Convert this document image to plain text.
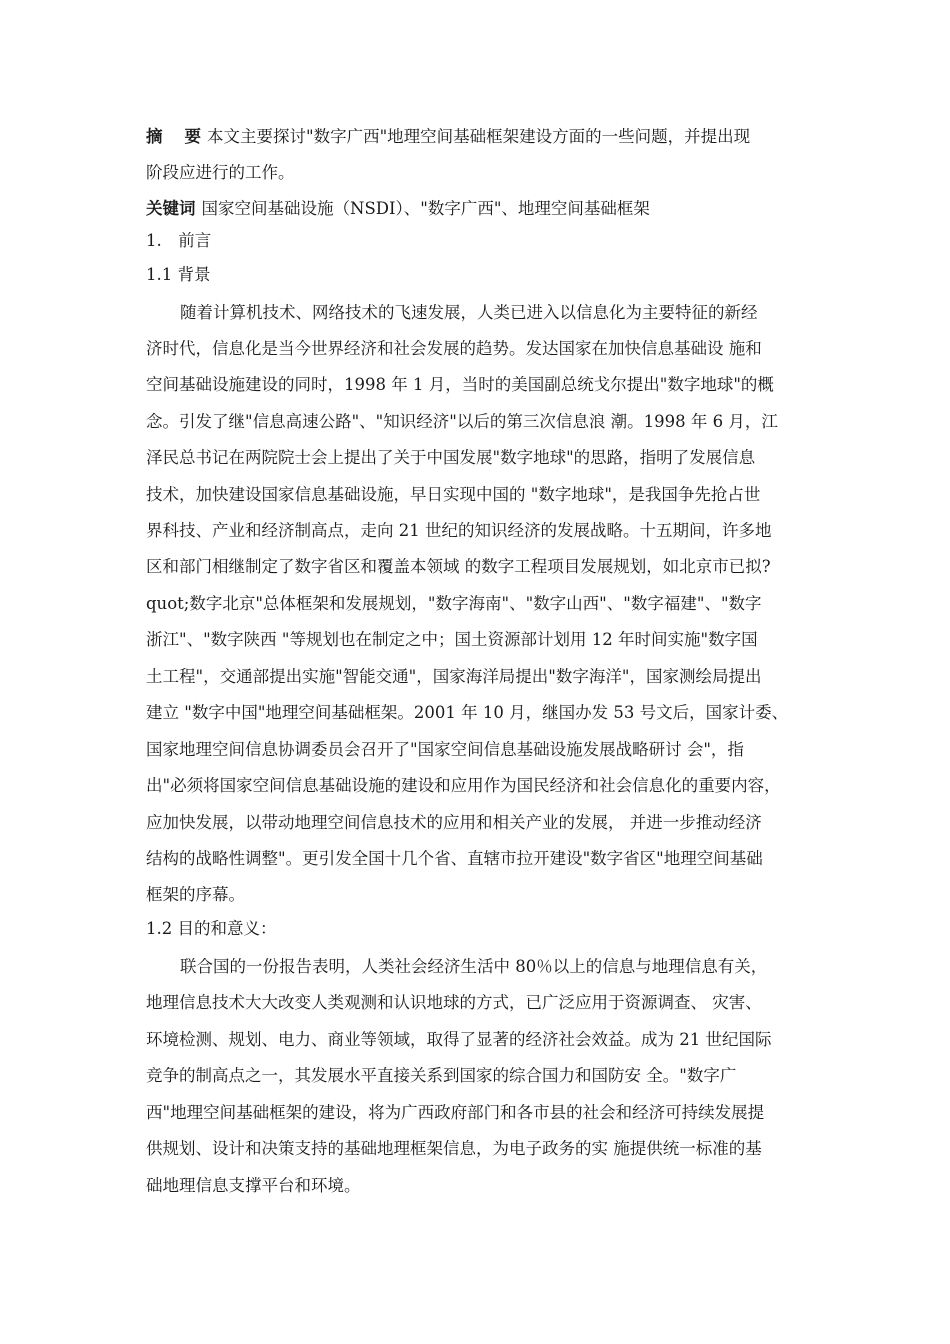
摘 要 本文主要探讨"数字广西"地理空间基础框架建设方面的一些问题，并提出现
阶段应进行的工作。
关键词 国家空间基础设施（NSDI）、"数字广西"、地理空间基础框架
1.　前言
1.1 背景
随着计算机技术、网络技术的飞速发展，人类已进入以信息化为主要特征的新经
济时代，信息化是当今世界经济和社会发展的趋势。发达国家在加快信息基础设 施和
空间基础设施建设的同时，1998 年 1 月，当时的美国副总统戈尔提出"数字地球"的概
念。引发了继"信息高速公路"、"知识经济"以后的第三次信息浪 潮。1998 年 6 月，江
泽民总书记在两院院士会上提出了关于中国发展"数字地球"的思路，指明了发展信息
技术，加快建设国家信息基础设施，早日实现中国的 "数字地球"，是我国争先抢占世
界科技、产业和经济制高点，走向 21 世纪的知识经济的发展战略。十五期间，许多地
区和部门相继制定了数字省区和覆盖本领域 的数字工程项目发展规划，如北京市已拟?
quot;数字北京"总体框架和发展规划，"数字海南"、"数字山西"、"数字福建"、"数字
浙江"、"数字陕西 "等规划也在制定之中；国土资源部计划用 12 年时间实施"数字国
土工程"，交通部提出实施"智能交通"，国家海洋局提出"数字海洋"，国家测绘局提出
建立 "数字中国"地理空间基础框架。2001 年 10 月，继国办发 53 号文后，国家计委、
国家地理空间信息协调委员会召开了"国家空间信息基础设施发展战略研讨 会"，指
出"必须将国家空间信息基础设施的建设和应用作为国民经济和社会信息化的重要内容，
应加快发展，以带动地理空间信息技术的应用和相关产业的发展， 并进一步推动经济
结构的战略性调整"。更引发全国十几个省、直辖市拉开建设"数字省区"地理空间基础
框架的序幕。
1.2 目的和意义：
联合国的一份报告表明，人类社会经济生活中 80％以上的信息与地理信息有关，
地理信息技术大大改变人类观测和认识地球的方式，已广泛应用于资源调查、 灾害、
环境检测、规划、电力、商业等领域，取得了显著的经济社会效益。成为 21 世纪国际
竞争的制高点之一，其发展水平直接关系到国家的综合国力和国防安 全。"数字广
西"地理空间基础框架的建设，将为广西政府部门和各市县的社会和经济可持续发展提
供规划、设计和决策支持的基础地理框架信息，为电子政务的实 施提供统一标准的基
础地理信息支撑平台和环境。
